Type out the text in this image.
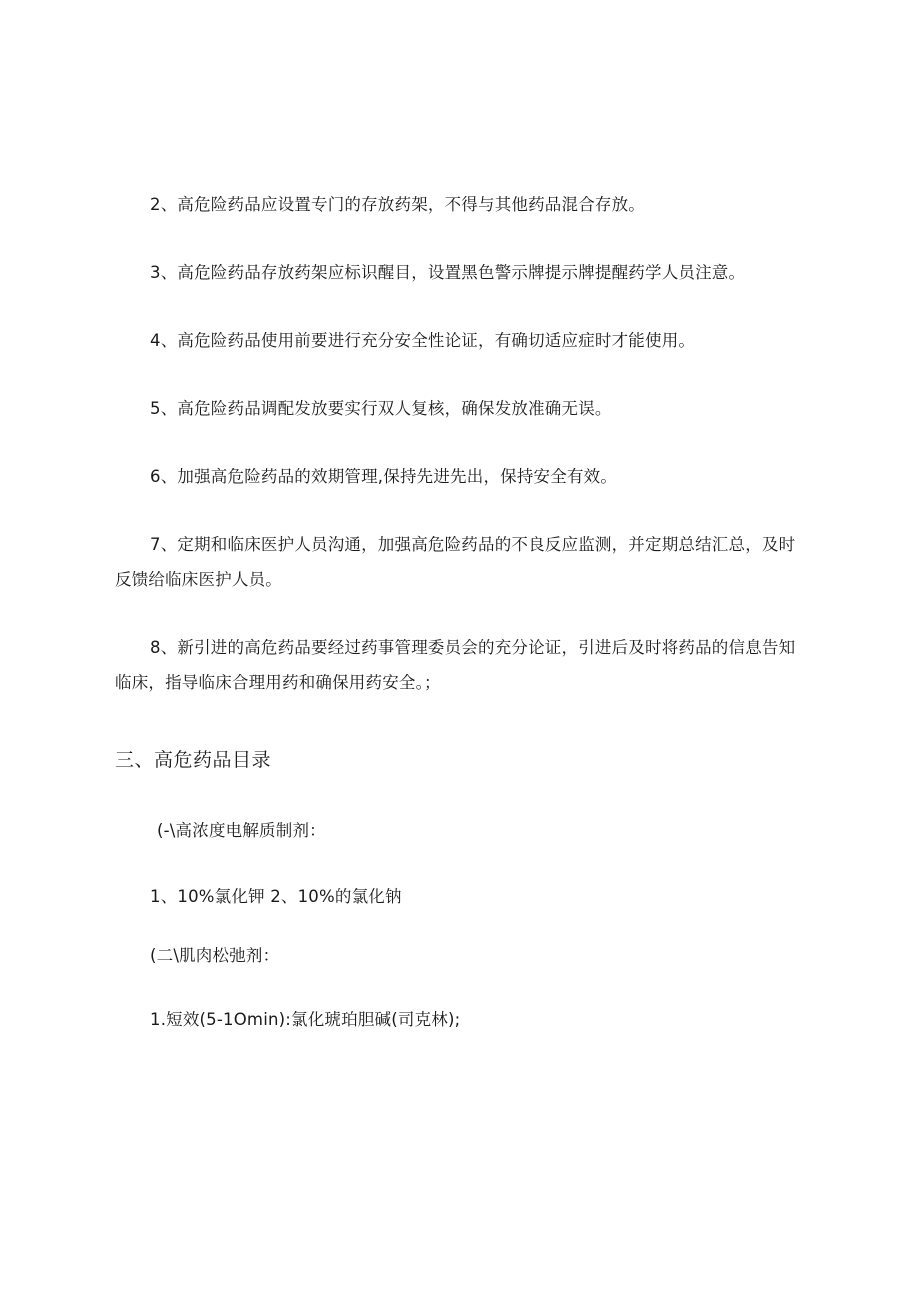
2、高危险药品应设置专门的存放药架，不得与其他药品混合存放。
3、高危险药品存放药架应标识醒目，设置黑色警示牌提示牌提醒药学人员注意。
4、高危险药品使用前要进行充分安全性论证，有确切适应症时才能使用。
5、高危险药品调配发放要实行双人复核，确保发放准确无误。
6、加强高危险药品的效期管理,保持先进先出，保持安全有效。
7、定期和临床医护人员沟通，加强高危险药品的不良反应监测，并定期总结汇总，及时
反馈给临床医护人员。
8、新引进的高危药品要经过药事管理委员会的充分论证，引进后及时将药品的信息告知
临床，指导临床合理用药和确保用药安全。；
三、高危药品目录
(-\高浓度电解质制剂：
1、10%氯化钾 2、10%的氯化钠
(二\肌肉松弛剂：
1.短效(5-1Omin):氯化琥珀胆碱(司克林);
